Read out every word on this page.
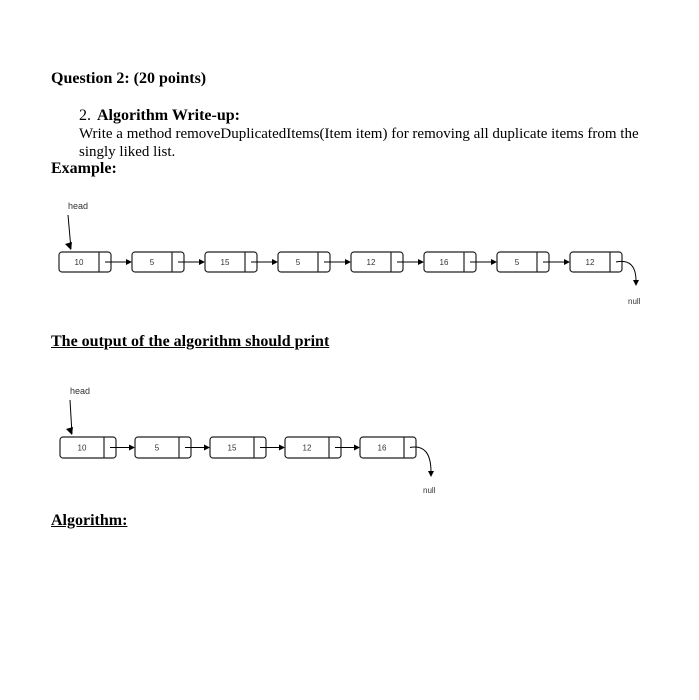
Question 2: (20 points)
2. Algorithm Write-up:

Write a method removeDuplicatedItems(Item item) for removing all duplicate items from the singly liked list.

Example:
head
10	5	15	5	12	16	5	12
null
The output of the algorithm should print
head
10	5	15	12	16
null
Algorithm:
